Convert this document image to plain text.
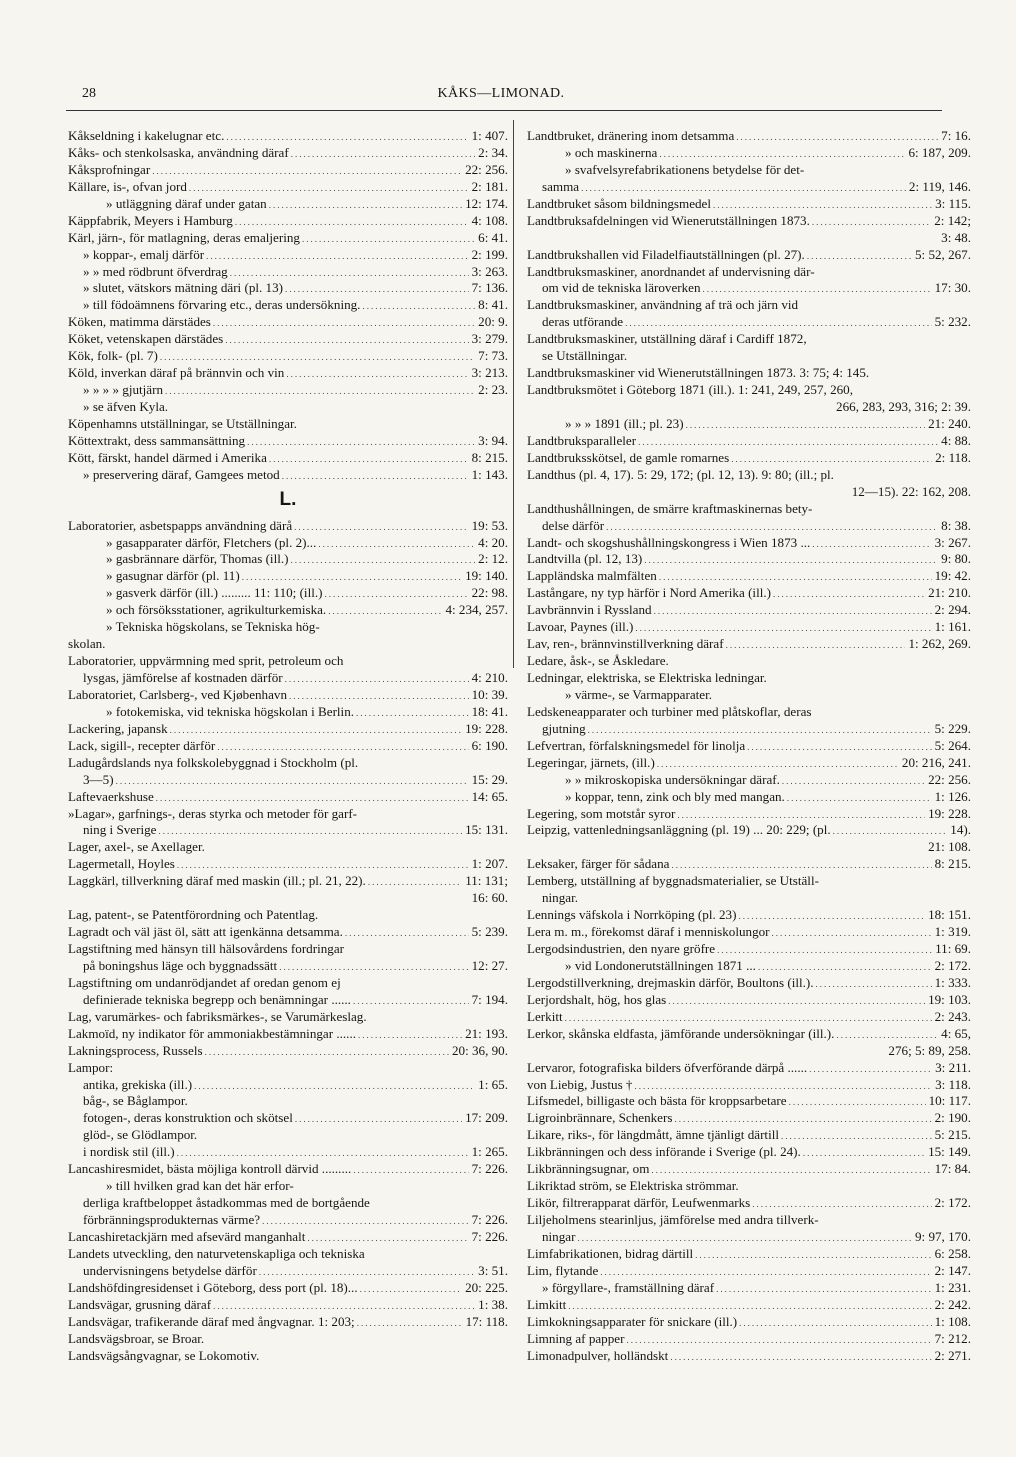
28	KÅKS—LIMONAD.
Kåkseldning i kakelugnar etc. .....	1: 407.
Kåks- och stenkolsaska, användning däraf .....	2: 34.
Kåksprofningar .....	22: 256.
Källare, is-, ofvan jord .....	2: 181.
» utläggning däraf under gatan .....	12: 174.
Käppfabrik, Meyers i Hamburg .....	4: 108.
Kärl, järn-, för matlagning, deras emaljering .....	6: 41.
» koppar-, emalj därför .....	2: 199.
» » med rödbrunt öfverdrag .....	3: 263.
» slutet, vätskors mätning däri (pl. 13) .....	7: 136.
» till födoämnens förvaring etc., deras undersökning. .....	8: 41.
Köken, matimma därstädes .....	20: 9.
Köket, vetenskapen därstädes .....	3: 279.
Kök, folk- (pl. 7) .....	7: 73.
Köld, inverkan däraf på brännvin och vin .....	3: 213.
» » » » gjutjärn .....	2: 23.
» se äfven Kyla.
Köpenhamns utställningar, se Utställningar.
Köttextrakt, dess sammansättning .....	3: 94.
Kött, färskt, handel därmed i Amerika .....	8: 215.
» preservering däraf, Gamgees metod .....	1: 143.
L.
Laboratorier, asbetspapps användning därå .....	19: 53.
» gasapparater därför, Fletchers (pl. 2)... .....	4: 20.
» gasbrännare därför, Thomas (ill.) .....	2: 12.
» gasugnar därför (pl. 11) .....	19: 140.
» gasverk därför (ill.) ......... 11: 110; (ill.) .....	22: 98.
» och försöksstationer, agrikulturkemiska. .....	4: 234, 257.
» Tekniska högskolans, se Tekniska hög-
skolan.
Laboratorier, uppvärmning med sprit, petroleum och
lysgas, jämförelse af kostnaden därför .....	4: 210.
Laboratoriet, Carlsberg-, ved Kjøbenhavn .....	10: 39.
» fotokemiska, vid tekniska högskolan i Berlin. .....	18: 41.
Lackering, japansk .....	19: 228.
Lack, sigill-, recepter därför .....	6: 190.
Ladugårdslands nya folkskolebyggnad i Stockholm (pl.
3—5) .....	15: 29.
Laftevaerkshuse .....	14: 65.
»Lagar», garfnings-, deras styrka och metoder för garf-
ning i Sverige .....	15: 131.
Lager, axel-, se Axellager.
Lagermetall, Hoyles .....	1: 207.
Laggkärl, tillverkning däraf med maskin (ill.; pl. 21, 22). .....	11: 131;
16: 60.
Lag, patent-, se Patentförordning och Patentlag.
Lagradt och väl jäst öl, sätt att igenkänna detsamma. .....	5: 239.
Lagstiftning med hänsyn till hälsovårdens fordringar
på boningshus läge och byggnadssätt .....	12: 27.
Lagstiftning om undanrödjandet af oredan genom ej
definierade tekniska begrepp och benämningar ...... .....	7: 194.
Lag, varumärkes- och fabriksmärkes-, se Varumärkeslag.
Lakmoïd, ny indikator för ammoniakbestämningar ...... .....	21: 193.
Lakningsprocess, Russels .....	20: 36, 90.
Lampor:
antika, grekiska (ill.) .....	1: 65.
båg-, se Båglampor.
fotogen-, deras konstruktion och skötsel .....	17: 209.
glöd-, se Glödlampor.
i nordisk stil (ill.) .....	1: 265.
Lancashiresmidet, bästa möjliga kontroll därvid ......... .....	7: 226.
» till hvilken grad kan det här erfor-
derliga kraftbeloppet åstadkommas med de bortgående
förbränningsprodukternas värme? .....	7: 226.
Lancashiretackjärn med afsevärd manganhalt .....	7: 226.
Landets utveckling, den naturvetenskapliga och tekniska
undervisningens betydelse därför .....	3: 51.
Landshöfdingresidenset i Göteborg, dess port (pl. 18)... .....	20: 225.
Landsvägar, grusning däraf .....	1: 38.
Landsvägar, trafikerande däraf med ångvagnar. 1: 203; .....	17: 118.
Landsvägsbroar, se Broar.
Landsvägsångvagnar, se Lokomotiv.
Landtbruket, dränering inom detsamma .....	7: 16.
» och maskinerna .....	6: 187, 209.
» svafvelsyrefabrikationens betydelse för det-
samma .....	2: 119, 146.
Landtbruket såsom bildningsmedel .....	3: 115.
Landtbruksafdelningen vid Wienerutställningen 1873. .....	2: 142;
3: 48.
Landtbrukshallen vid Filadelfiautställningen (pl. 27). .....	5: 52, 267.
Landtbruksmaskiner, anordnandet af undervisning där-
om vid de tekniska läroverken .....	17: 30.
Landtbruksmaskiner, användning af trä och järn vid
deras utförande .....	5: 232.
Landtbruksmaskiner, utställning däraf i Cardiff 1872,
se Utställningar.
Landtbruksmaskiner vid Wienerutställningen 1873. 3: 75; 4: 145.
Landtbruksmötet i Göteborg 1871 (ill.). 1: 241, 249, 257, 260,
266, 283, 293, 316; 2: 39.
» » » 1891 (ill.; pl. 23) .....	21: 240.
Landtbruksparalleler .....	4: 88.
Landtbruksskötsel, de gamle romarnes .....	2: 118.
Landthus (pl. 4, 17). 5: 29, 172; (pl. 12, 13). 9: 80; (ill.; pl.
12—15). 22: 162, 208.
Landthushållningen, de smärre kraftmaskinernas bety-
delse därför .....	8: 38.
Landt- och skogshushållningskongress i Wien 1873 ... .....	3: 267.
Landtvilla (pl. 12, 13) .....	9: 80.
Lappländska malmfälten .....	19: 42.
Lastångare, ny typ härför i Nord Amerika (ill.) .....	21: 210.
Lavbrännvin i Ryssland .....	2: 294.
Lavoar, Paynes (ill.) .....	1: 161.
Lav, ren-, brännvinstillverkning däraf .....	1: 262, 269.
Ledare, åsk-, se Åskledare.
Ledningar, elektriska, se Elektriska ledningar.
» värme-, se Varmapparater.
Ledskeneapparater och turbiner med plåtskoflar, deras
gjutning .....	5: 229.
Lefvertran, förfalskningsmedel för linolja .....	5: 264.
Legeringar, järnets, (ill.) .....	20: 216, 241.
» » mikroskopiska undersökningar däraf. .....	22: 256.
» koppar, tenn, zink och bly med mangan. .....	1: 126.
Legering, som motstår syror .....	19: 228.
Leipzig, vattenledningsanläggning (pl. 19) ... 20: 229; (pl. .....	14).
21: 108.
Leksaker, färger för sådana .....	8: 215.
Lemberg, utställning af byggnadsmaterialier, se Utställ-
ningar.
Lennings väfskola i Norrköping (pl. 23) .....	18: 151.
Lera m. m., förekomst däraf i menniskolungor .....	1: 319.
Lergodsindustrien, den nyare gröfre .....	11: 69.
» vid Londonerutställningen 1871 ... .....	2: 172.
Lergodstillverkning, drejmaskin därför, Boultons (ill.). .....	1: 333.
Lerjordshalt, hög, hos glas .....	19: 103.
Lerkitt .....	2: 243.
Lerkor, skånska eldfasta, jämförande undersökningar (ill.). .....	4: 65,
276; 5: 89, 258.
Lervaror, fotografiska bilders öfverförande därpå ...... .....	3: 211.
von Liebig, Justus † .....	3: 118.
Lifsmedel, billigaste och bästa för kroppsarbetare .....	10: 117.
Ligroinbrännare, Schenkers .....	2: 190.
Likare, riks-, för längdmått, ämne tjänligt därtill .....	5: 215.
Likbränningen och dess införande i Sverige (pl. 24). .....	15: 149.
Likbränningsugnar, om .....	17: 84.
Likriktad ström, se Elektriska strömmar.
Likör, filtrerapparat därför, Leufwenmarks .....	2: 172.
Liljeholmens stearinljus, jämförelse med andra tillverk-
ningar .....	9: 97, 170.
Limfabrikationen, bidrag därtill .....	6: 258.
Lim, flytande .....	2: 147.
» förgyllare-, framställning däraf .....	1: 231.
Limkitt .....	2: 242.
Limkokningsapparater för snickare (ill.) .....	1: 108.
Limning af papper .....	7: 212.
Limonadpulver, holländskt .....	2: 271.
